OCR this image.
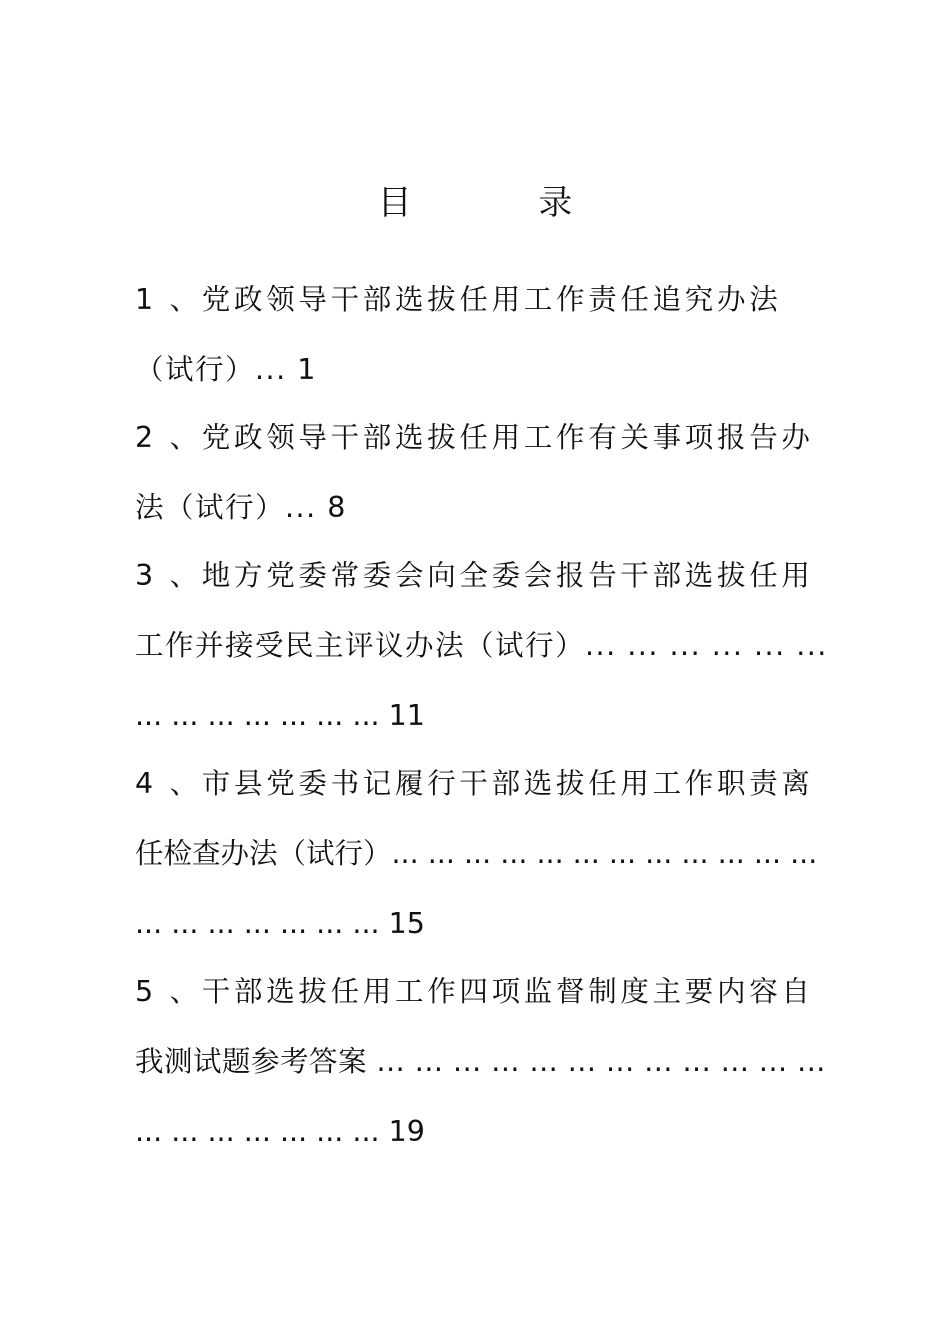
目 录
1 、党政领导干部选拔任用工作责任追究办法
（试行）... 1
2 、党政领导干部选拔任用工作有关事项报告办
法（试行）... 8
3 、地方党委常委会向全委会报告干部选拔任用
工作并接受民主评议办法（试行）... ... ... ... ... ...
... ... ... ... ... ... ... 11
4 、市县党委书记履行干部选拔任用工作职责离
任检查办法（试行）... ... ... ... ... ... ... ... ... ... ... ...
... ... ... ... ... ... ... 15
5 、干部选拔任用工作四项监督制度主要内容自
我测试题参考答案 ... ... ... ... ... ... ... ... ... ... ... ...
... ... ... ... ... ... ... 19
